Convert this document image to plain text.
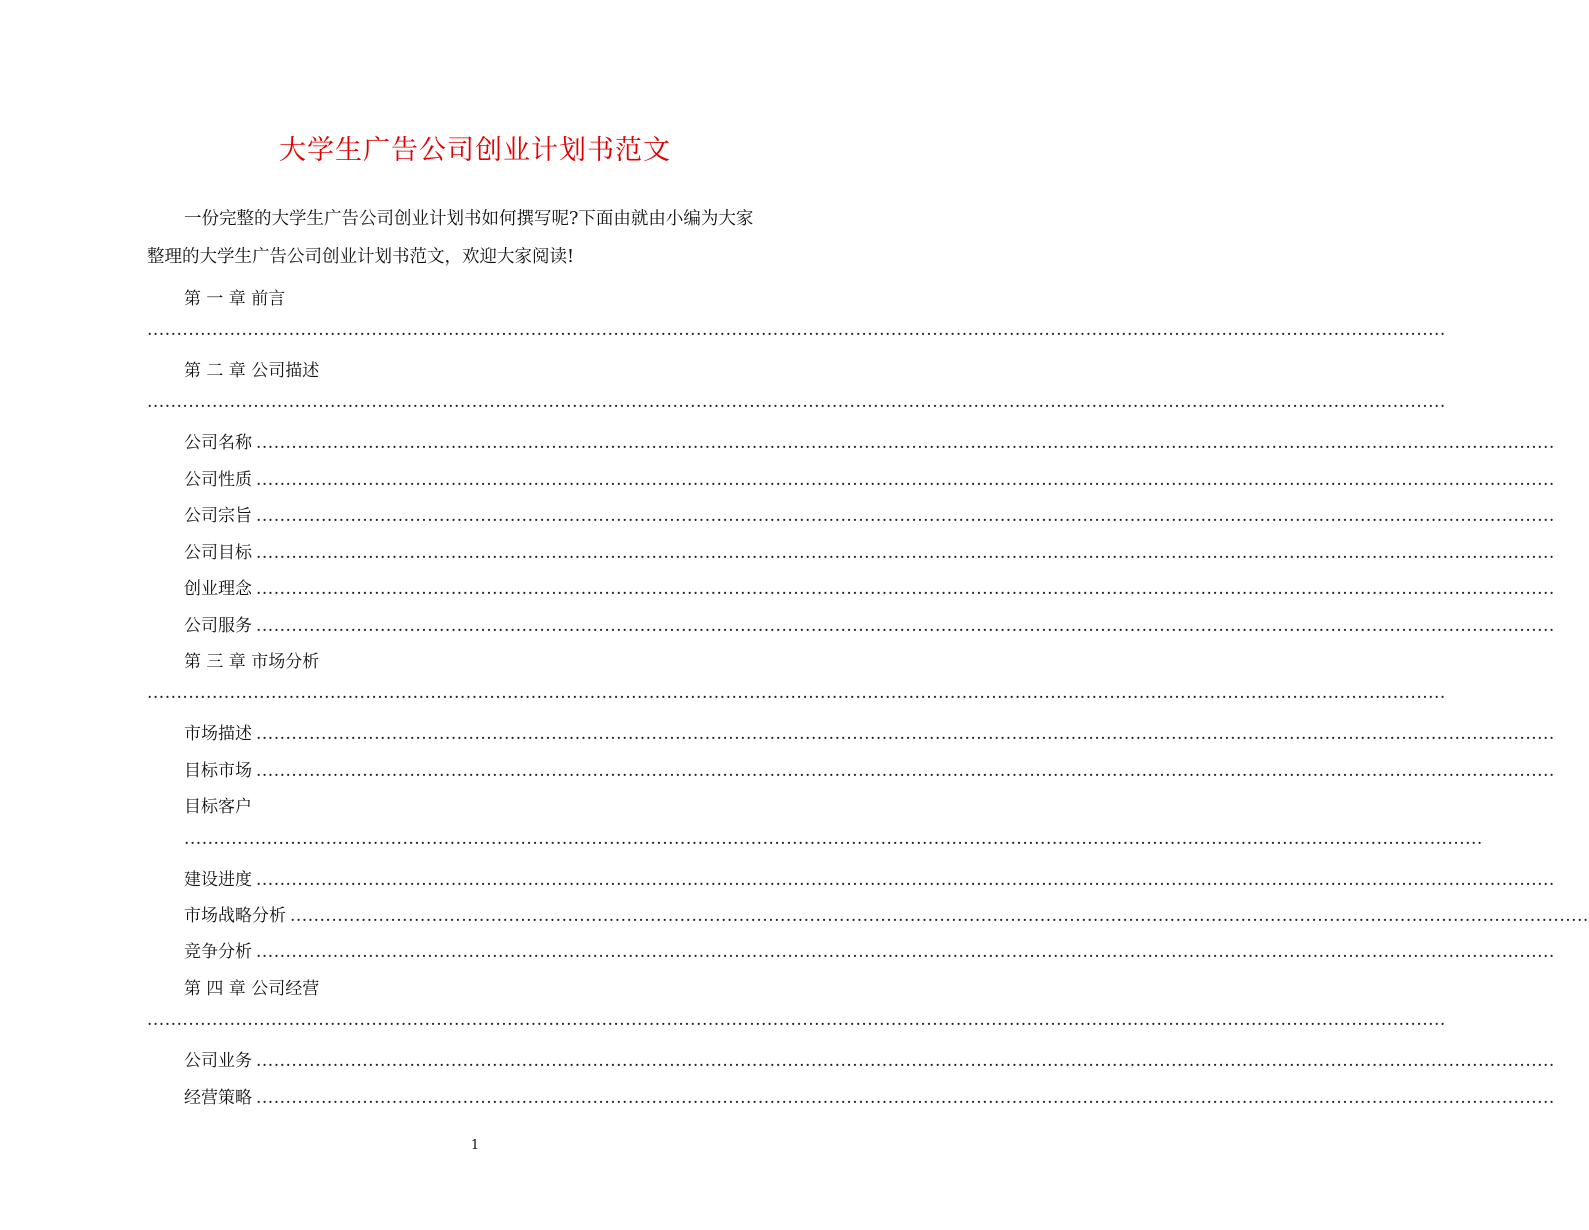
大学生广告公司创业计划书范文
一份完整的大学生广告公司创业计划书如何撰写呢?下面由就由小编为大家
整理的大学生广告公司创业计划书范文，欢迎大家阅读!
第 一 章 前言
............................................................................................................................................................................................................................
第 二 章 公司描述
............................................................................................................................................................................................................................
公司名称 ............................................................................................................................................................................................................................
公司性质 ............................................................................................................................................................................................................................
公司宗旨 ............................................................................................................................................................................................................................
公司目标 ............................................................................................................................................................................................................................
创业理念 ............................................................................................................................................................................................................................
公司服务 ............................................................................................................................................................................................................................
第 三 章 市场分析
............................................................................................................................................................................................................................
市场描述 ............................................................................................................................................................................................................................
目标市场 ............................................................................................................................................................................................................................
目标客户
............................................................................................................................................................................................................................
建设进度 ............................................................................................................................................................................................................................
市场战略分析 ............................................................................................................................................................................................................................
竞争分析 ............................................................................................................................................................................................................................
第 四 章 公司经营
............................................................................................................................................................................................................................
公司业务 ............................................................................................................................................................................................................................
经营策略 ............................................................................................................................................................................................................................
1
